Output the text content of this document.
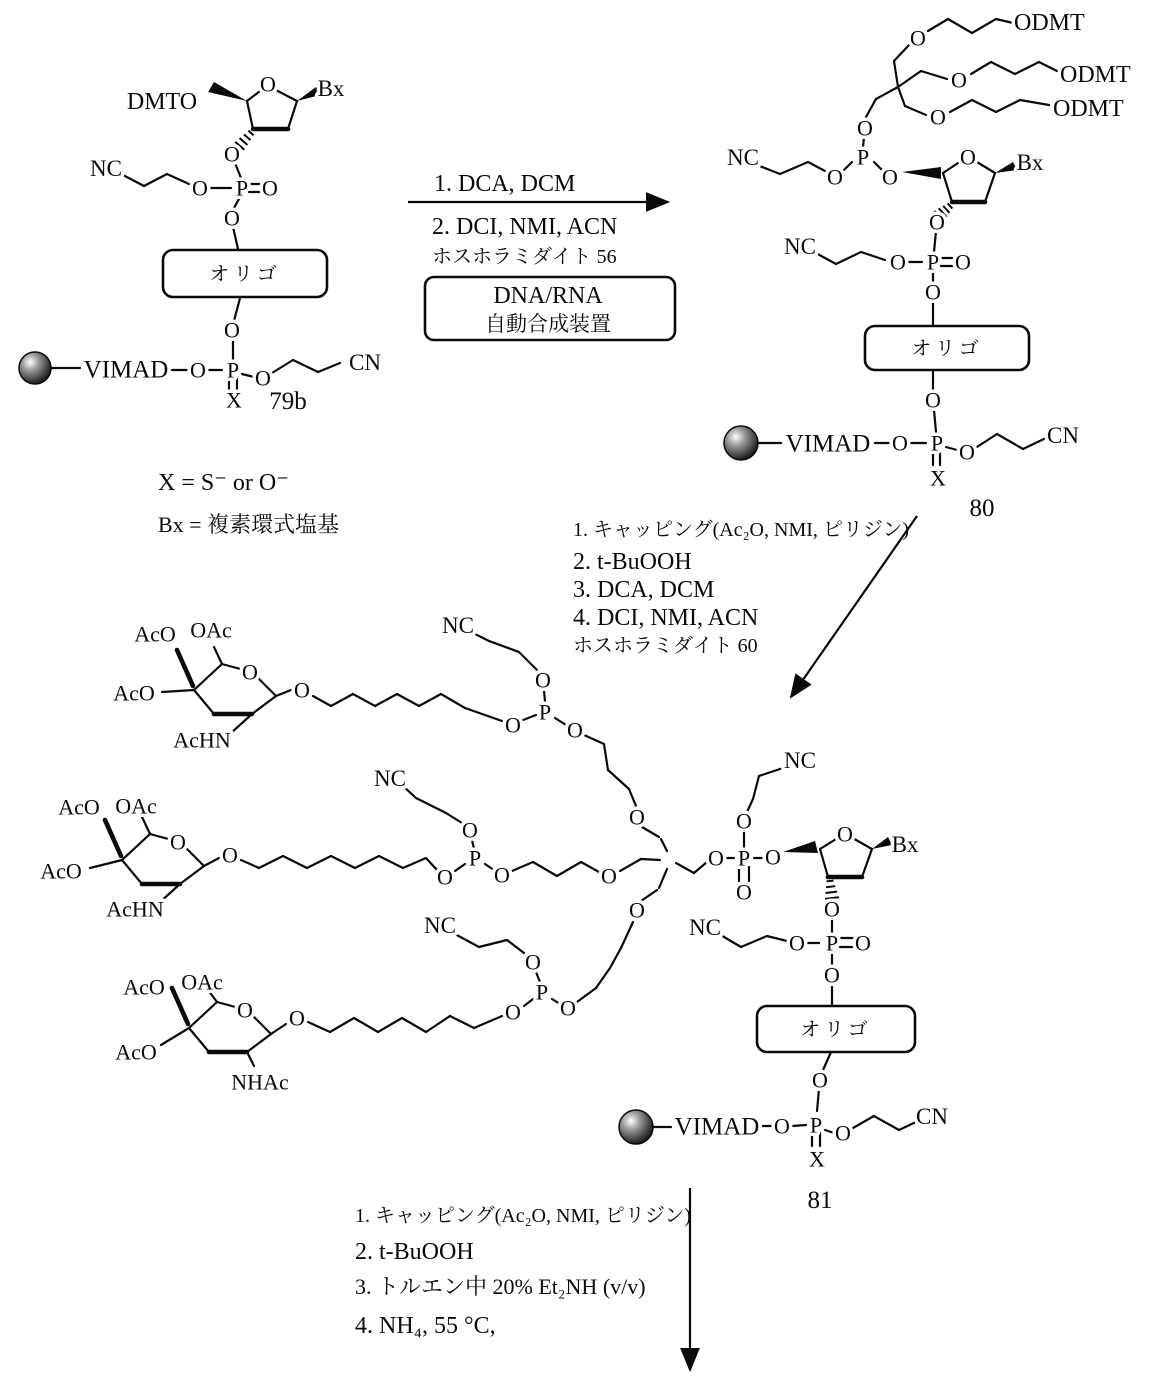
オリゴ
オリゴ
オリゴ
DMTO
O Bx
O
NC
O P O
O
O
VIMAD O P
X
O
CN
ODMT
ODMT
ODMT
O
O
O
O
P
NC
O O
O Bx
O
NC
O P O
O
O
VIMAD O P
X
O
CN
AcO OAc
AcO
AcHN
O
O
NC
O
O
P
O
O
AcO OAc
AcO
AcHN
O
O
NC
O
O
P
O	O
AcO OAc
AcO
NHAc
O O
NC
O
O
P
O
O
O P
O
NC
O
O
O Bx
O
NC
O P O
O
O
VIMAD O P
X
O
CN
1. DCA, DCM
2. DCI, NMI, ACN
ホスホラミダイト 56
DNA/RNA
自動合成装置
1. キャッピング(Ac₂O, NMI, ピリジン)
2. t-BuOOH
3. DCA, DCM
4. DCI, NMI, ACN
ホスホラミダイト 60
1. キャッピング(Ac₂O, NMI, ピリジン)
2. t-BuOOH
3. トルエン中 20% Et₂NH (v/v)
4. NH₄, 55 °C,
X = S⁻ or O⁻
Bx = 複素環式塩基
79b
80
81
